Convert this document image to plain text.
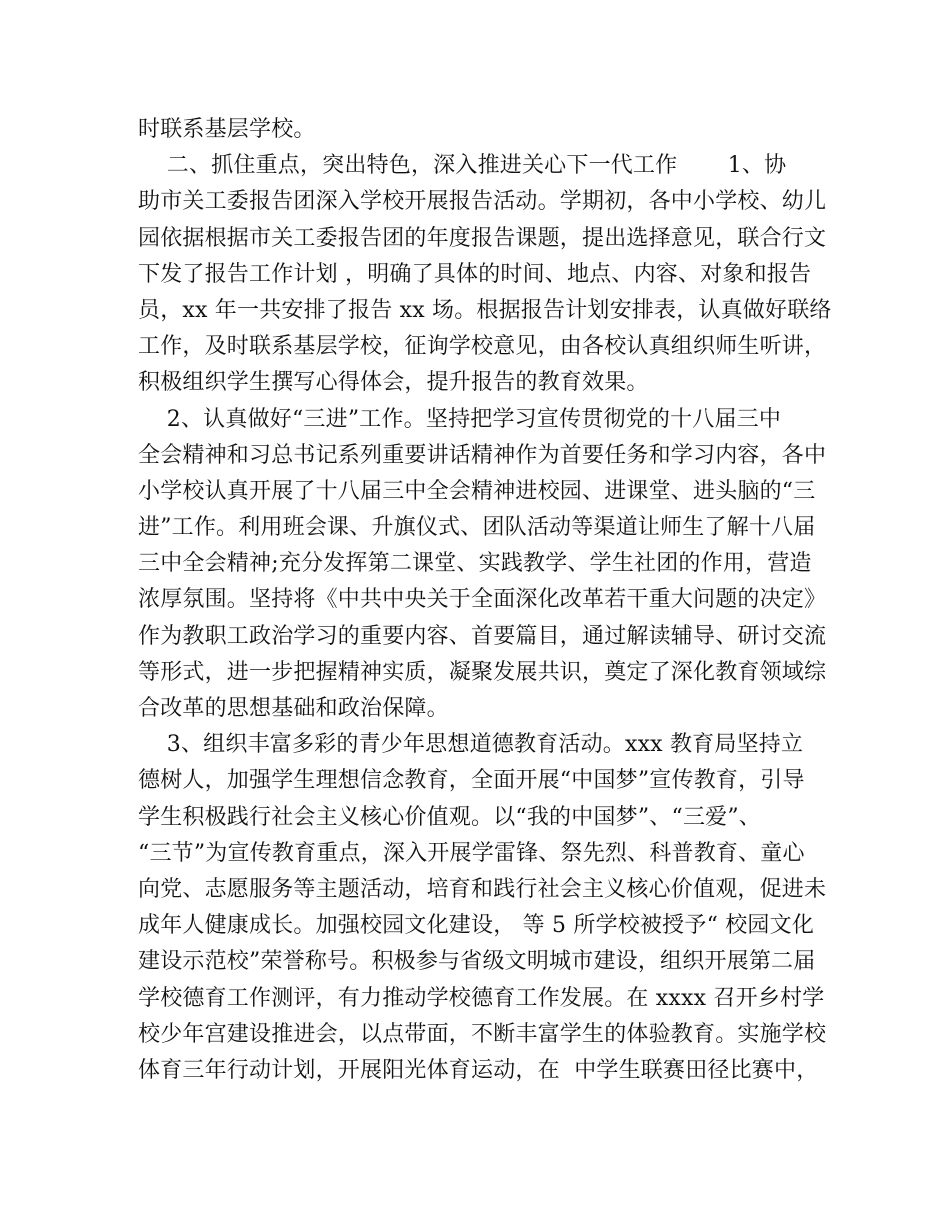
时联系基层学校。
二、抓住重点，突出特色，深入推进关心下一代工作       1、协
助市关工委报告团深入学校开展报告活动。学期初，各中小学校、幼儿
园依据根据市关工委报告团的年度报告课题，提出选择意见，联合行文
下发了报告工作计划 ，明确了具体的时间、地点、内容、对象和报告
员，xx 年一共安排了报告 xx 场。根据报告计划安排表，认真做好联络
工作，及时联系基层学校，征询学校意见，由各校认真组织师生听讲，
积极组织学生撰写心得体会，提升报告的教育效果。
2、认真做好“三进”工作。坚持把学习宣传贯彻党的十八届三中
全会精神和习总书记系列重要讲话精神作为首要任务和学习内容，各中
小学校认真开展了十八届三中全会精神进校园、进课堂、进头脑的“三
进”工作。利用班会课、升旗仪式、团队活动等渠道让师生了解十八届
三中全会精神;充分发挥第二课堂、实践教学、学生社团的作用，营造
浓厚氛围。坚持将《中共中央关于全面深化改革若干重大问题的决定》
作为教职工政治学习的重要内容、首要篇目，通过解读辅导、研讨交流
等形式，进一步把握精神实质，凝聚发展共识，奠定了深化教育领域综
合改革的思想基础和政治保障。
3、组织丰富多彩的青少年思想道德教育活动。xxx 教育局坚持立
德树人，加强学生理想信念教育，全面开展“中国梦”宣传教育，引导
学生积极践行社会主义核心价值观。以“我的中国梦”、“三爱”、
“三节”为宣传教育重点，深入开展学雷锋、祭先烈、科普教育、童心
向党、志愿服务等主题活动，培育和践行社会主义核心价值观，促进未
成年人健康成长。加强校园文化建设， 等 5 所学校被授予“ 校园文化
建设示范校”荣誉称号。积极参与省级文明城市建设，组织开展第二届
学校德育工作测评，有力推动学校德育工作发展。在 xxxx 召开乡村学
校少年宫建设推进会，以点带面，不断丰富学生的体验教育。实施学校
体育三年行动计划，开展阳光体育运动，在  中学生联赛田径比赛中，
